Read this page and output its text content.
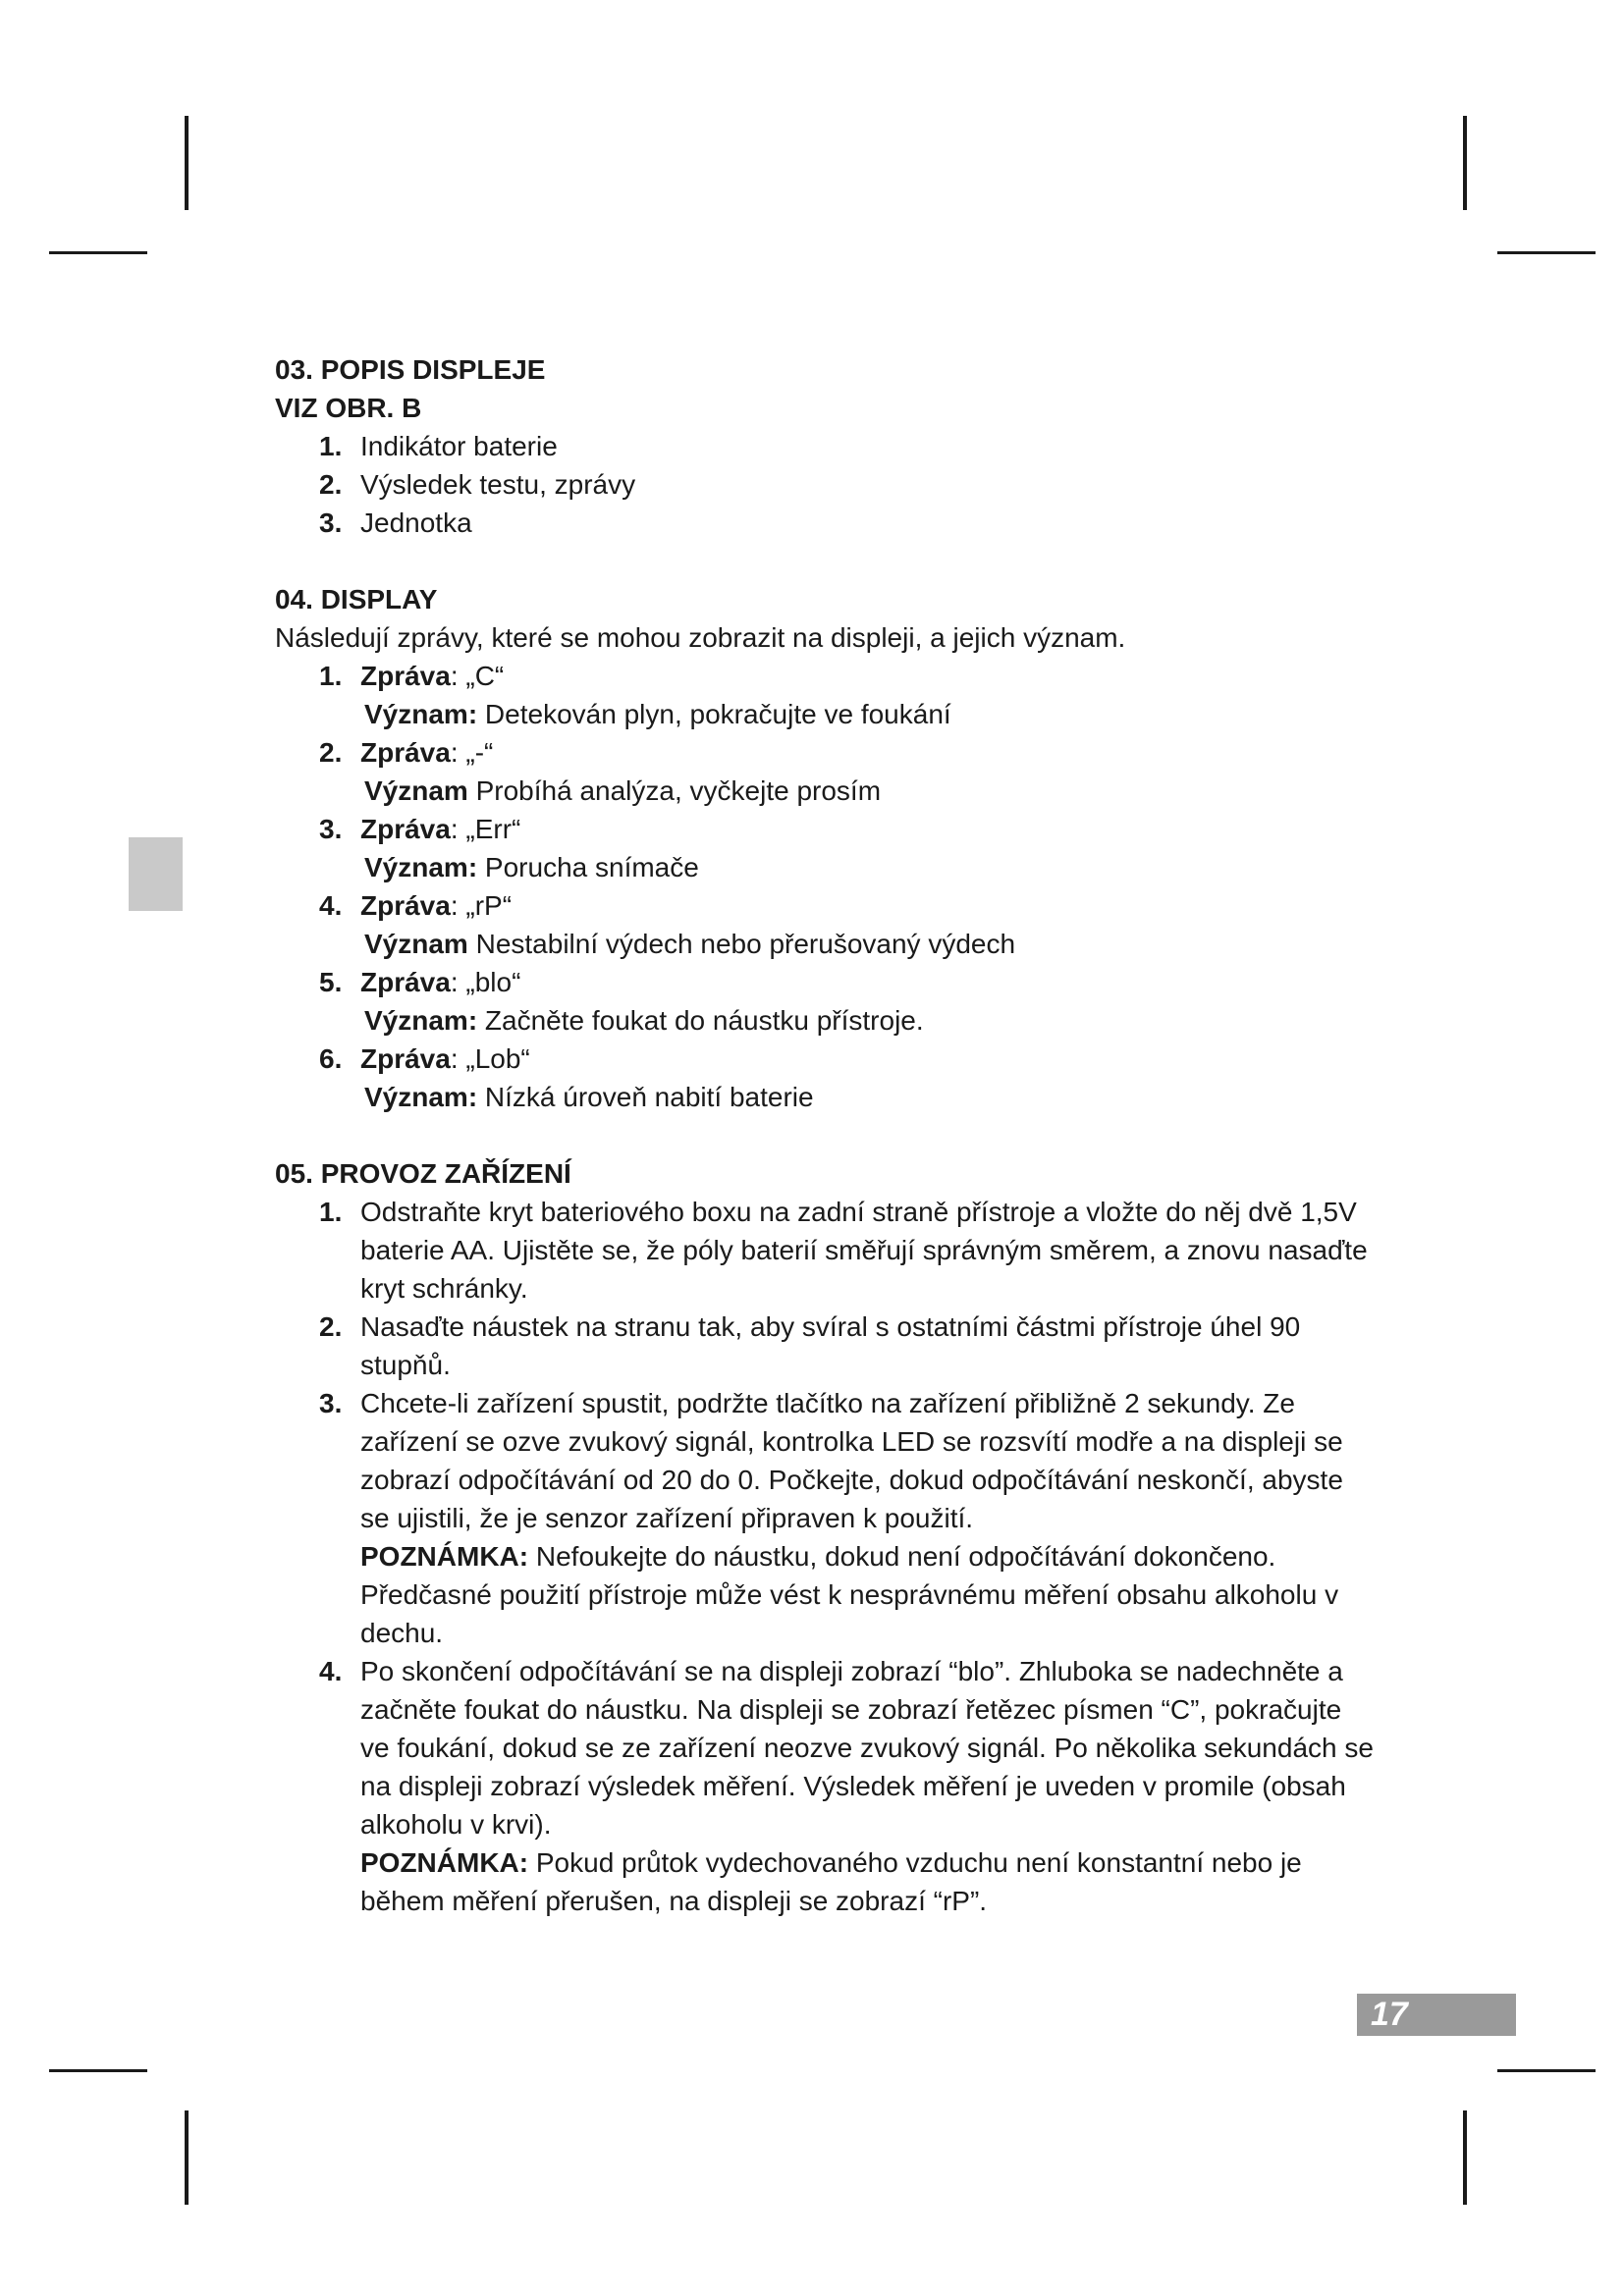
03. POPIS DISPLEJE

VIZ OBR. B

1. Indikátor baterie
2. Výsledek testu, zprávy
3. Jednotka

04. DISPLAY

Následují zprávy, které se mohou zobrazit na displeji, a jejich význam.
1. Zpráva: „C“
Význam: Detekován plyn, pokračujte ve foukání
2. Zpráva: „-“
Význam Probíhá analýza, vyčkejte prosím
3. Zpráva: „Err“
Význam: Porucha snímače
4. Zpráva: „rP“
Význam Nestabilní výdech nebo přerušovaný výdech
5. Zpráva: „blo“
Význam: Začněte foukat do náustku přístroje.
6. Zpráva: „Lob“
Význam: Nízká úroveň nabití baterie

05. PROVOZ ZAŘÍZENÍ

1. Odstraňte kryt bateriového boxu na zadní straně přístroje a vložte do něj dvě 1,5V baterie AA. Ujistěte se, že póly baterií směřují správným směrem, a znovu nasaďte kryt schránky.
2. Nasaďte náustek na stranu tak, aby svíral s ostatními částmi přístroje úhel 90 stupňů.
3. Chcete-li zařízení spustit, podržte tlačítko na zařízení přibližně 2 sekundy. Ze zařízení se ozve zvukový signál, kontrolka LED se rozsvítí modře a na displeji se zobrazí odpočítávání od 20 do 0. Počkejte, dokud odpočítávání neskončí, abyste se ujistili, že je senzor zařízení připraven k použití.
POZNÁMKA: Nefoukejte do náustku, dokud není odpočítávání dokončeno. Předčasné použití přístroje může vést k nesprávnému měření obsahu alkoholu v dechu.
4. Po skončení odpočítávání se na displeji zobrazí “blo”. Zhluboka se nadechněte a začněte foukat do náustku. Na displeji se zobrazí řetězec písmen “C”, pokračujte ve foukání, dokud se ze zařízení neozve zvukový signál. Po několika sekundách se na displeji zobrazí výsledek měření. Výsledek měření je uveden v promile (obsah alkoholu v krvi).
POZNÁMKA: Pokud průtok vydechovaného vzduchu není konstantní nebo je během měření přerušen, na displeji se zobrazí “rP”.
17
